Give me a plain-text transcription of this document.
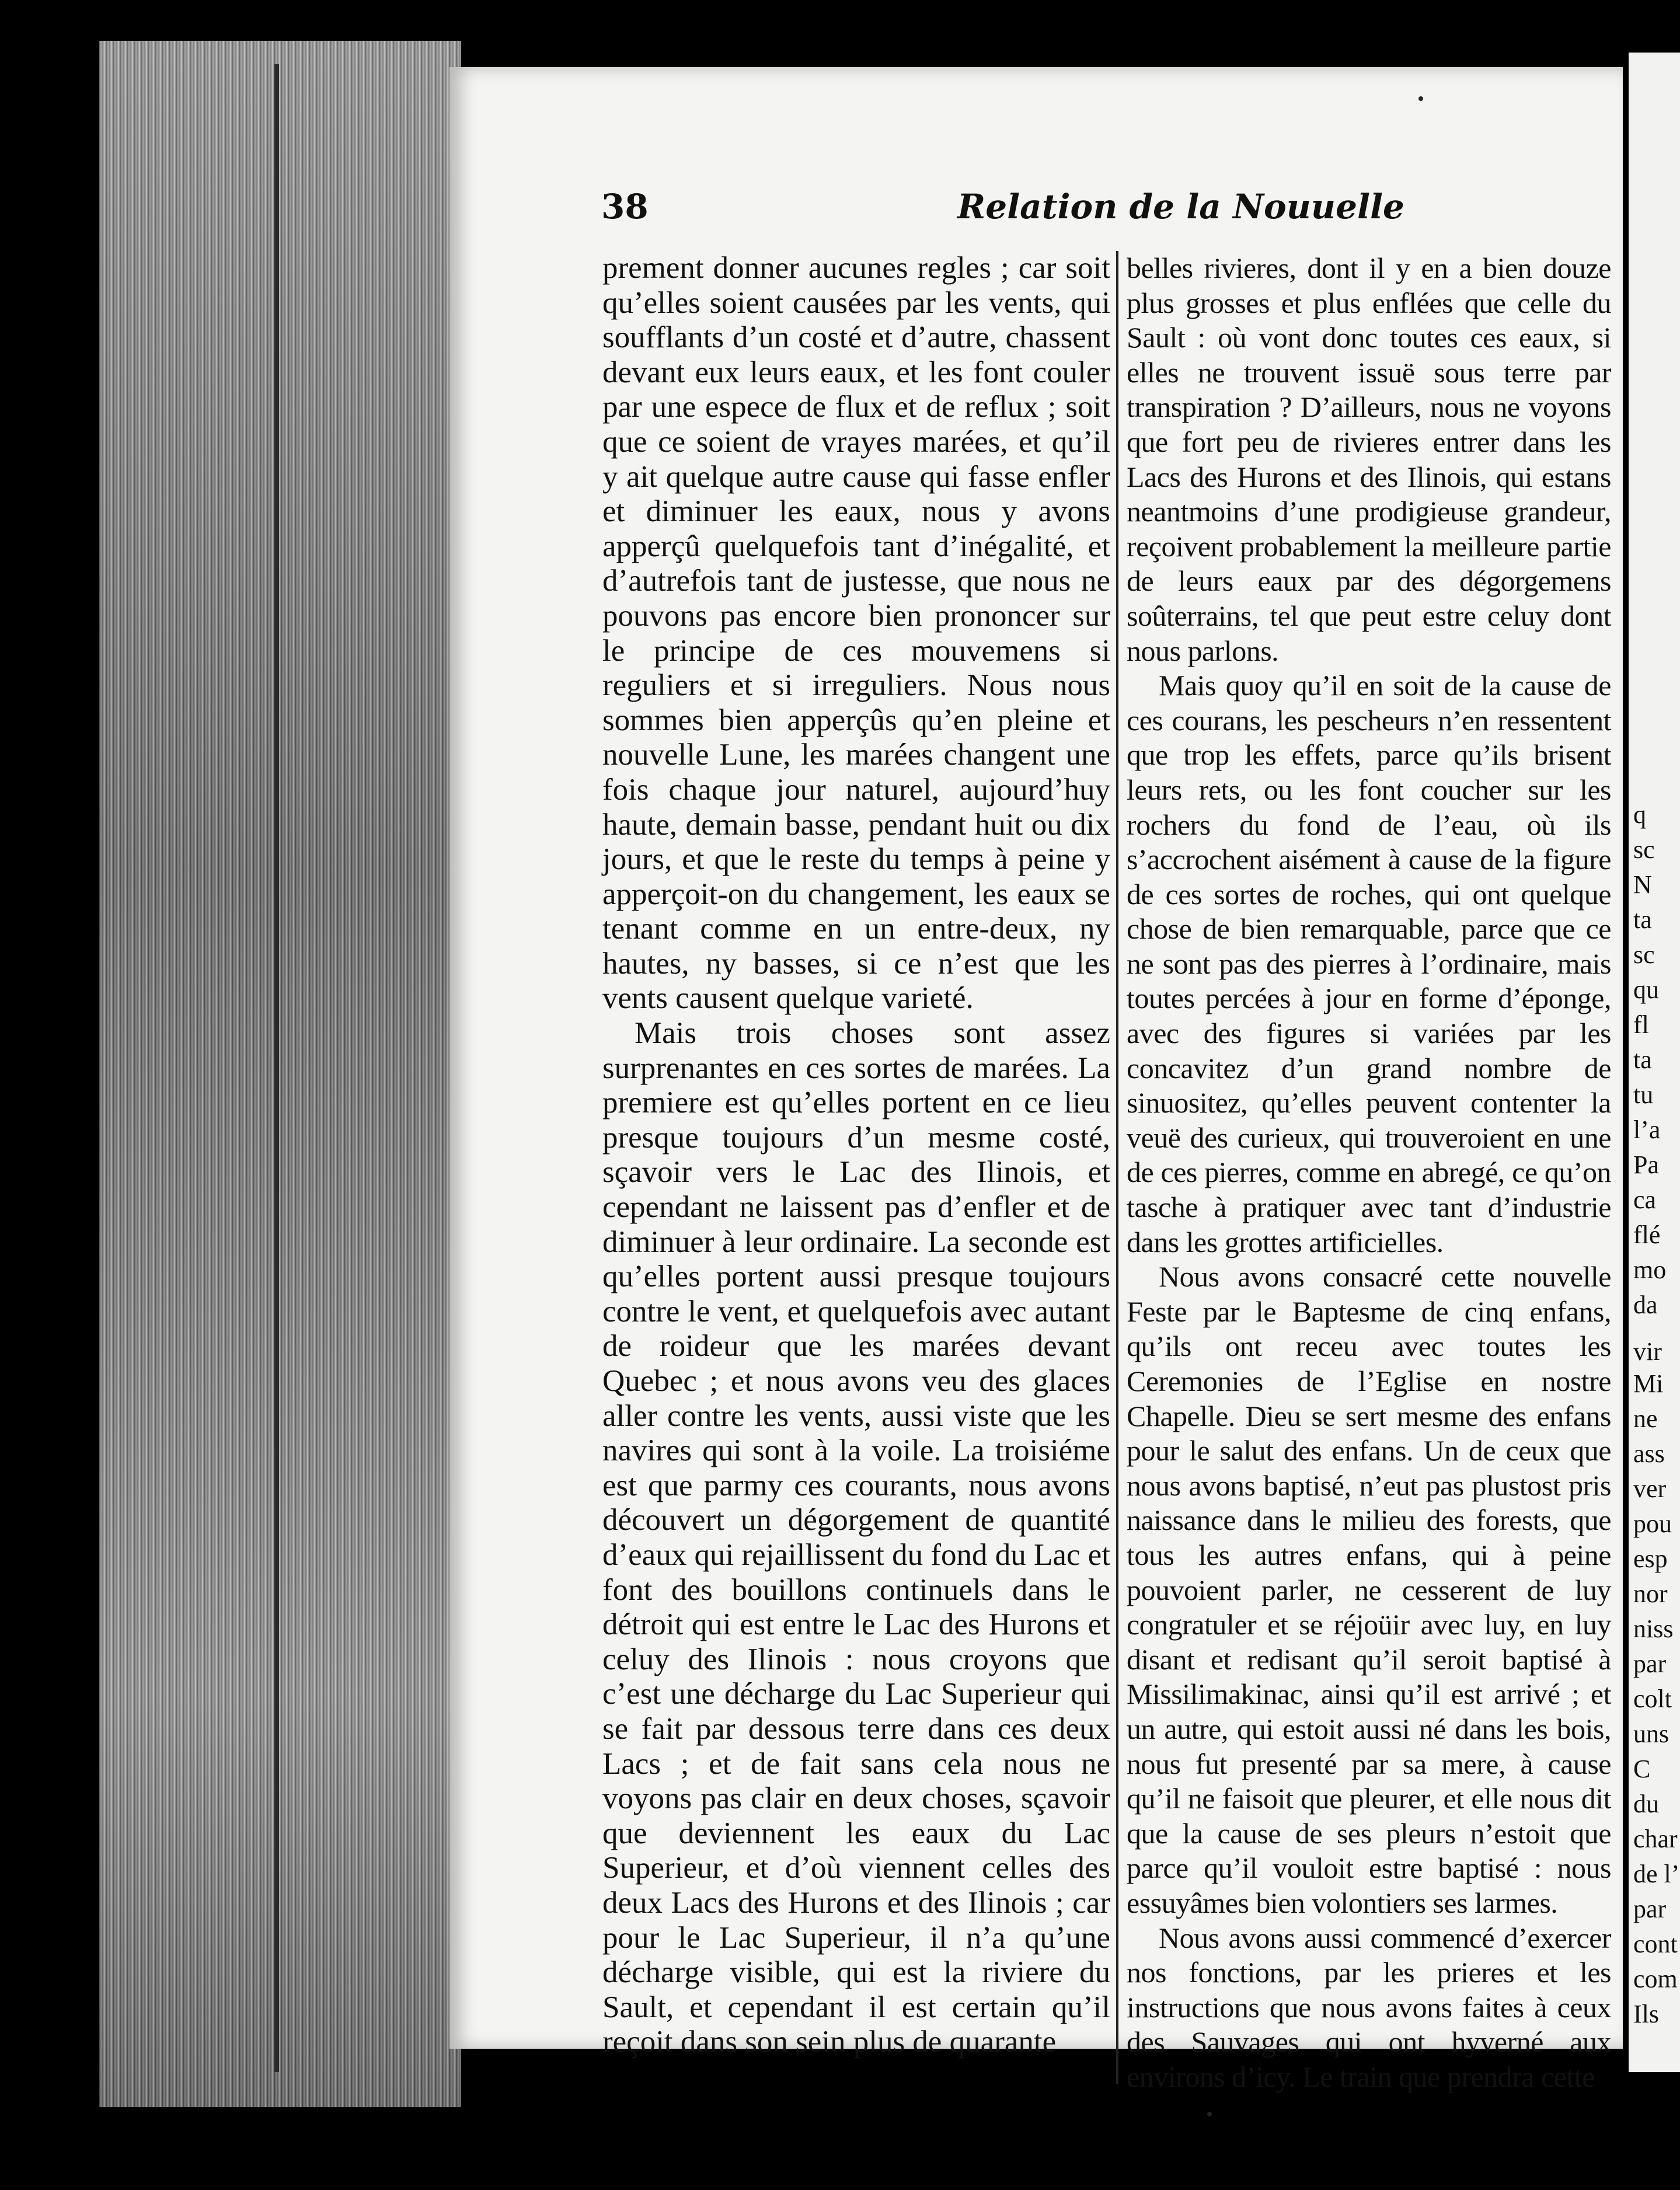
q
sc
N
ta
sc
qu
fl
ta
tu
l’a
Pa
ca
flé
mo
da
vir
Mi
ne
ass
ver
pou
esp
nor
niss
par
colt
uns
C
du
char
de l’
par
cont
com
Ils
38	Relation de la Nouuelle

prement donner aucunes regles ; car soit qu’elles soient causées par les vents, qui soufflants d’un costé et d’autre, chassent devant eux leurs eaux, et les font couler par une espece de flux et de reflux ; soit que ce soient de vrayes marées, et qu’il y ait quelque autre cause qui fasse enfler et diminuer les eaux, nous y avons apperçû quelquefois tant d’inégalité, et d’autrefois tant de justesse, que nous ne pouvons pas encore bien prononcer sur le principe de ces mouvemens si reguliers et si irreguliers. Nous nous sommes bien apperçûs qu’en pleine et nouvelle Lune, les marées changent une fois chaque jour naturel, aujourd’huy haute, demain basse, pendant huit ou dix jours, et que le reste du temps à peine y apperçoit-on du changement, les eaux se tenant comme en un entre-deux, ny hautes, ny basses, si ce n’est que les vents causent quelque varieté.

Mais trois choses sont assez surprenantes en ces sortes de marées. La premiere est qu’elles portent en ce lieu presque toujours d’un mesme costé, sçavoir vers le Lac des Ilinois, et cependant ne laissent pas d’enfler et de diminuer à leur ordinaire. La seconde est qu’elles portent aussi presque toujours contre le vent, et quelquefois avec autant de roideur que les marées devant Quebec ; et nous avons veu des glaces aller contre les vents, aussi viste que les navires qui sont à la voile. La troisiéme est que parmy ces courants, nous avons découvert un dégorgement de quantité d’eaux qui rejaillissent du fond du Lac et font des bouillons continuels dans le détroit qui est entre le Lac des Hurons et celuy des Ilinois : nous croyons que c’est une décharge du Lac Superieur qui se fait par dessous terre dans ces deux Lacs ; et de fait sans cela nous ne voyons pas clair en deux choses, sçavoir que deviennent les eaux du Lac Superieur, et d’où viennent celles des deux Lacs des Hurons et des Ilinois ; car pour le Lac Superieur, il n’a qu’une décharge visible, qui est la riviere du Sault, et cependant il est certain qu’il reçoit dans son sein plus de quarante

belles rivieres, dont il y en a bien douze plus grosses et plus enflées que celle du Sault : où vont donc toutes ces eaux, si elles ne trouvent issuë sous terre par transpiration ? D’ailleurs, nous ne voyons que fort peu de rivieres entrer dans les Lacs des Hurons et des Ilinois, qui estans neantmoins d’une prodigieuse grandeur, reçoivent probablement la meilleure partie de leurs eaux par des dégorgemens soûterrains, tel que peut estre celuy dont nous parlons.

Mais quoy qu’il en soit de la cause de ces courans, les pescheurs n’en ressentent que trop les effets, parce qu’ils brisent leurs rets, ou les font coucher sur les rochers du fond de l’eau, où ils s’accrochent aisément à cause de la figure de ces sortes de roches, qui ont quelque chose de bien remarquable, parce que ce ne sont pas des pierres à l’ordinaire, mais toutes percées à jour en forme d’éponge, avec des figures si variées par les concavitez d’un grand nombre de sinuositez, qu’elles peuvent contenter la veuë des curieux, qui trouveroient en une de ces pierres, comme en abregé, ce qu’on tasche à pratiquer avec tant d’industrie dans les grottes artificielles.

Nous avons consacré cette nouvelle Feste par le Baptesme de cinq enfans, qu’ils ont receu avec toutes les Ceremonies de l’Eglise en nostre Chapelle. Dieu se sert mesme des enfans pour le salut des enfans. Un de ceux que nous avons baptisé, n’eut pas plustost pris naissance dans le milieu des forests, que tous les autres enfans, qui à peine pouvoient parler, ne cesserent de luy congratuler et se réjoüir avec luy, en luy disant et redisant qu’il seroit baptisé à Missilimakinac, ainsi qu’il est arrivé ; et un autre, qui estoit aussi né dans les bois, nous fut presenté par sa mere, à cause qu’il ne faisoit que pleurer, et elle nous dit que la cause de ses pleurs n’estoit que parce qu’il vouloit estre baptisé : nous essuyâmes bien volontiers ses larmes.

Nous avons aussi commencé d’exercer nos fonctions, par les prieres et les instructions que nous avons faites à ceux des Sauvages qui ont hyverné aux environs d’icy. Le train que prendra cette
